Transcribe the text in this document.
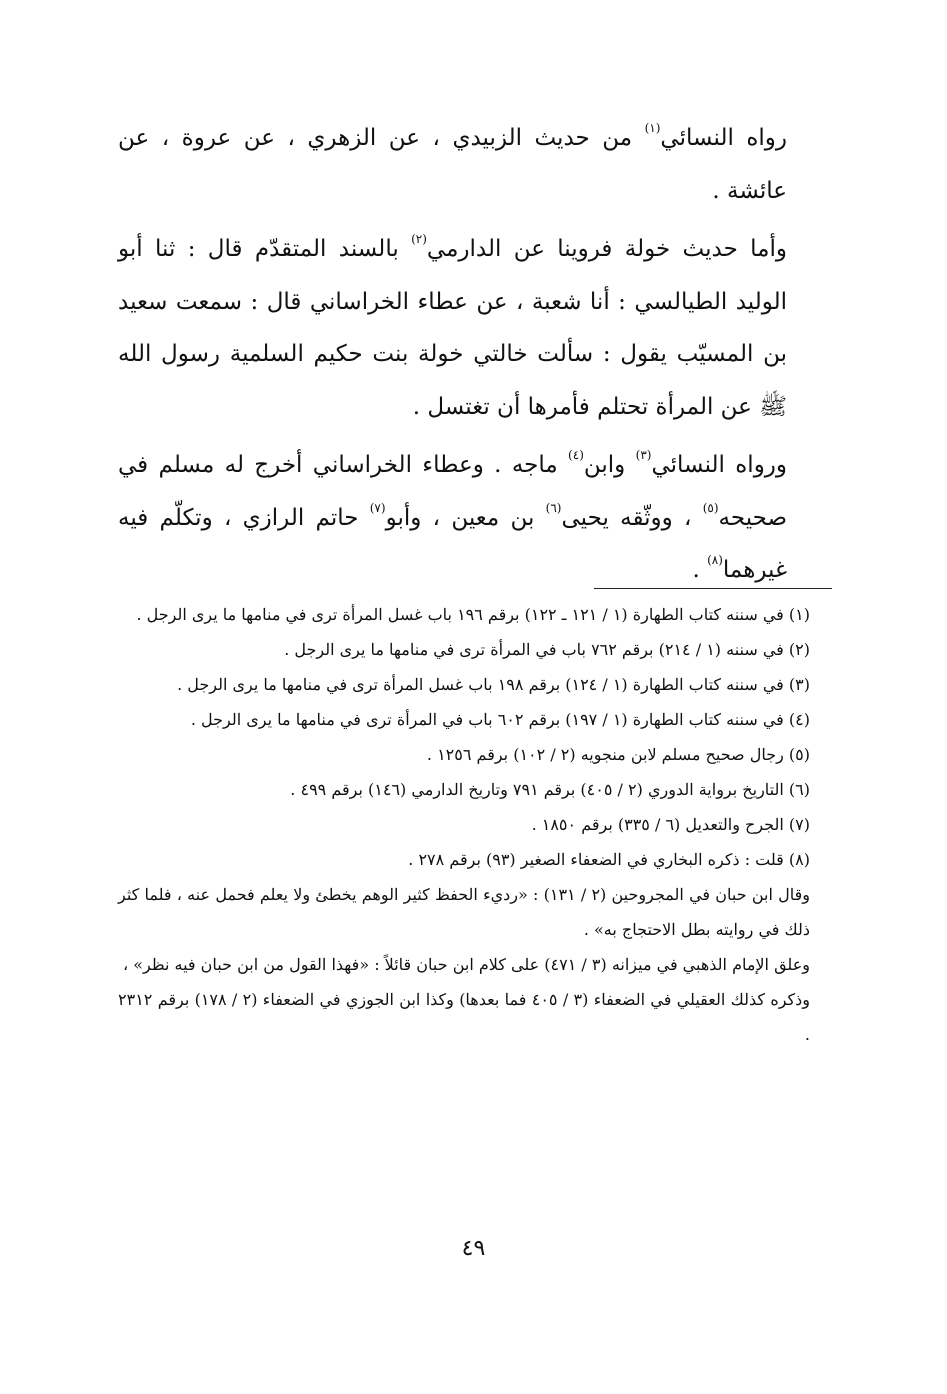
رواه النسائي$^{(١)}$ من حديث الزبيدي ، عن الزهري ، عن عروة ، عن عائشة .

وأما حديث خولة فروينا عن الدارمي$^{(٢)}$ بالسند المتقدّم قال : ثنا أبو الوليد الطيالسي : أنا شعبة ، عن عطاء الخراساني قال : سمعت سعيد بن المسيّب يقول : سألت خالتي خولة بنت حكيم السلمية رسول الله ﷺ عن المرأة تحتلم فأمرها أن تغتسل .

ورواه النسائي$^{(٣)}$ وابن$^{(٤)}$ ماجه . وعطاء الخراساني أخرج له مسلم في صحيحه$^{(٥)}$ ، ووثّقه يحيى$^{(٦)}$ بن معين ، وأبو$^{(٧)}$ حاتم الرازي ، وتكلّم فيه غيرهما$^{(٨)}$ .

(١) في سننه كتاب الطهارة (١ / ١٢١ ـ ١٢٢) برقم ١٩٦ باب غسل المرأة ترى في منامها ما يرى الرجل .

(٢) في سننه (١ / ٢١٤) برقم ٧٦٢ باب في المرأة ترى في منامها ما يرى الرجل .

(٣) في سننه كتاب الطهارة (١ / ١٢٤) برقم ١٩٨ باب غسل المرأة ترى في منامها ما يرى الرجل .

(٤) في سننه كتاب الطهارة (١ / ١٩٧) برقم ٦٠٢ باب في المرأة ترى في منامها ما يرى الرجل .

(٥) رجال صحيح مسلم لابن منجويه (٢ / ١٠٢) برقم ١٢٥٦ .

(٦) التاريخ برواية الدوري (٢ / ٤٠٥) برقم ٧٩١ وتاريخ الدارمي (١٤٦) برقم ٤٩٩ .

(٧) الجرح والتعديل (٦ / ٣٣٥) برقم ١٨٥٠ .

(٨) قلت : ذكره البخاري في الضعفاء الصغير (٩٣) برقم ٢٧٨ .

وقال ابن حبان في المجروحين (٢ / ١٣١) : «رديء الحفظ كثير الوهم يخطئ ولا يعلم فحمل عنه ، فلما كثر ذلك في روايته بطل الاحتجاج به» .

وعلق الإمام الذهبي في ميزانه (٣ / ٤٧١) على كلام ابن حبان قائلاً : «فهذا القول من ابن حبان فيه نظر» ،

وذكره كذلك العقيلي في الضعفاء (٣ / ٤٠٥ فما بعدها) وكذا ابن الجوزي في الضعفاء (٢ / ١٧٨) برقم ٢٣١٢ .

٤٩
